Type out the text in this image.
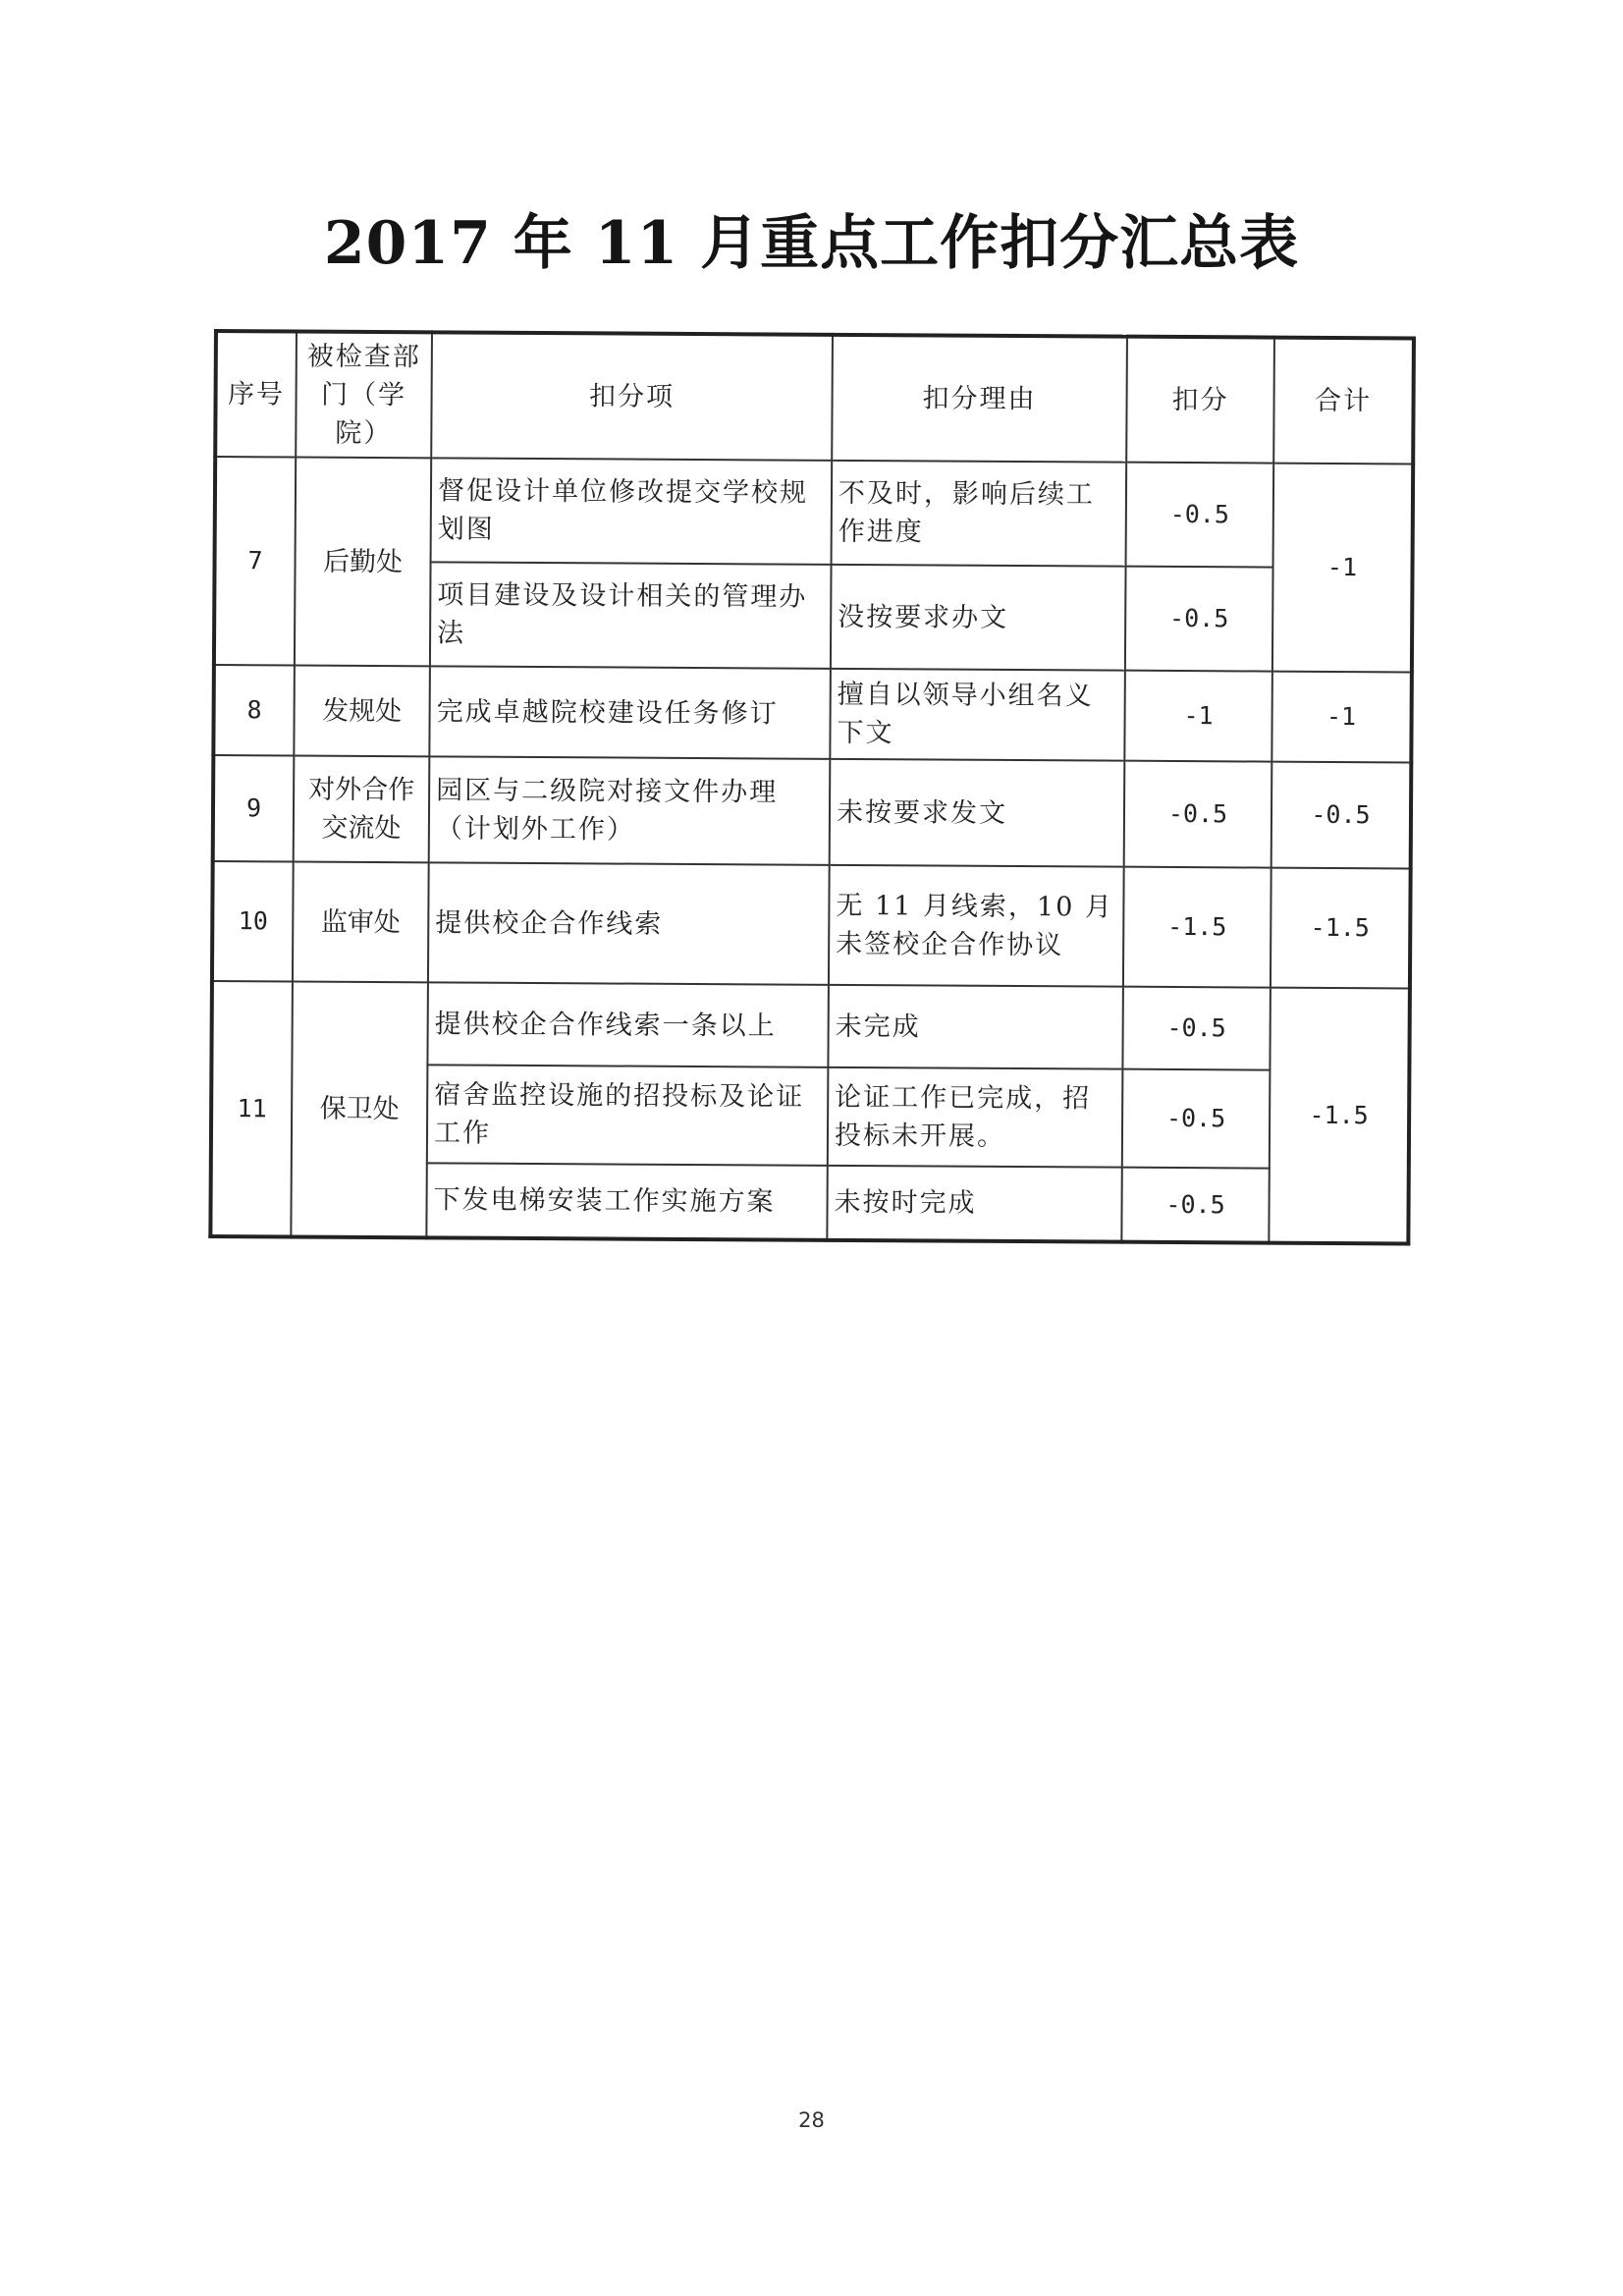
2017 年 11 月重点工作扣分汇总表
序号	被检查部门（学院）	扣分项	扣分理由	扣分	合计
7	后勤处	督促设计单位修改提交学校规划图	不及时，影响后续工作进度	-0.5	-1
		项目建设及设计相关的管理办法	没按要求办文	-0.5	
8	发规处	完成卓越院校建设任务修订	擅自以领导小组名义下文	-1	-1
9	对外合作交流处	园区与二级院对接文件办理（计划外工作）	未按要求发文	-0.5	-0.5
10	监审处	提供校企合作线索	无 11 月线索，10 月未签校企合作协议	-1.5	-1.5
11	保卫处	提供校企合作线索一条以上	未完成	-0.5	-1.5
		宿舍监控设施的招投标及论证工作	论证工作已完成，招投标未开展。	-0.5	
		下发电梯安装工作实施方案	未按时完成	-0.5	
28
